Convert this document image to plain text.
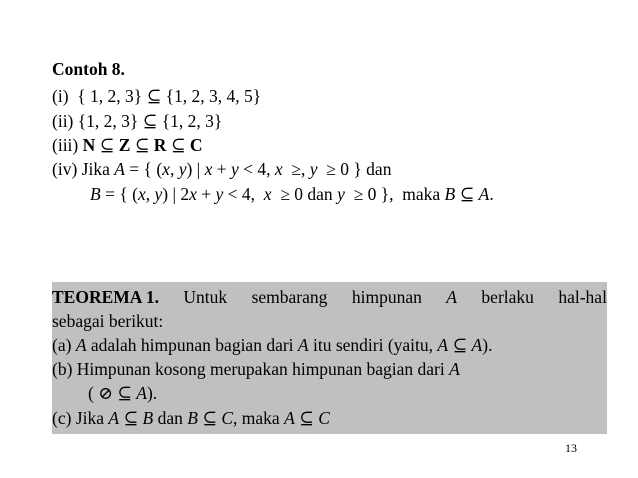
Contoh 8.
(i)  { 1, 2, 3} ⊆ {1, 2, 3, 4, 5}
(ii) {1, 2, 3} ⊆ {1, 2, 3}
(iii) N ⊆ Z ⊆ R ⊆ C
(iv) Jika A = { (x, y) | x + y < 4, x  ≥, y  ≥ 0 } dan
B = { (x, y) | 2x + y < 4,  x  ≥ 0 dan y  ≥ 0 },  maka B ⊆ A.
TEOREMA 1. Untuk sembarang himpunan A berlaku hal-hal
sebagai berikut:
(a) A adalah himpunan bagian dari A itu sendiri (yaitu, A ⊆ A).
(b) Himpunan kosong merupakan himpunan bagian dari A
( ⊘ ⊆ A).
(c) Jika A ⊆ B dan B ⊆ C, maka A ⊆ C
13
